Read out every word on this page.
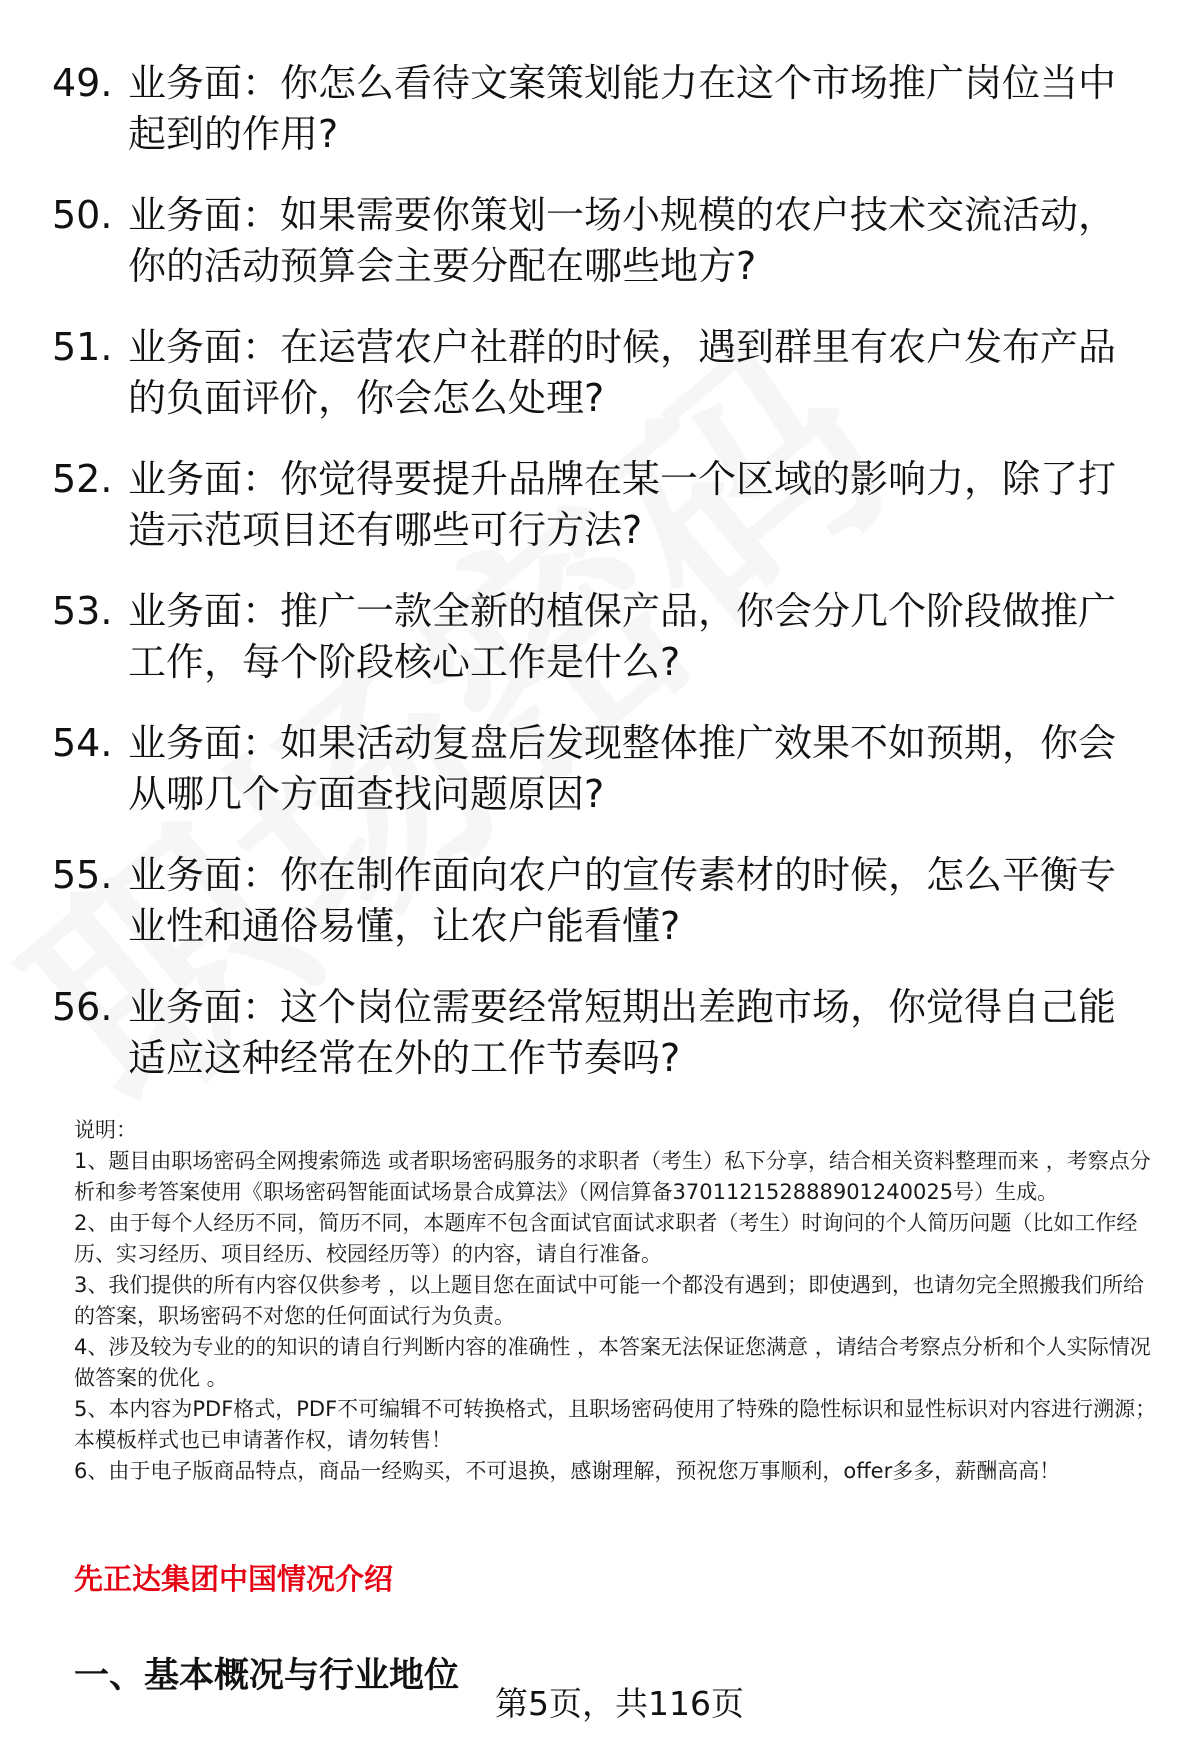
49. 业务面：你怎么看待文案策划能力在这个市场推广岗位当中起到的作用?
50. 业务面：如果需要你策划一场小规模的农户技术交流活动，你的活动预算会主要分配在哪些地方?
51. 业务面：在运营农户社群的时候，遇到群里有农户发布产品的负面评价，你会怎么处理?
52. 业务面：你觉得要提升品牌在某一个区域的影响力，除了打造示范项目还有哪些可行方法?
53. 业务面：推广一款全新的植保产品，你会分几个阶段做推广工作，每个阶段核心工作是什么?
54. 业务面：如果活动复盘后发现整体推广效果不如预期，你会从哪几个方面查找问题原因?
55. 业务面：你在制作面向农户的宣传素材的时候，怎么平衡专业性和通俗易懂，让农户能看懂?
56. 业务面：这个岗位需要经常短期出差跑市场，你觉得自己能适应这种经常在外的工作节奏吗?

说明：

1、题目由职场密码全网搜索筛选 或者职场密码服务的求职者（考生）私下分享，结合相关资料整理而来 ，考察点分析和参考答案使用《职场密码智能面试场景合成算法》（网信算备370112152888901240025号）生成。

2、由于每个人经历不同，简历不同，本题库不包含面试官面试求职者（考生）时询问的个人简历问题（比如工作经历、实习经历、项目经历、校园经历等）的内容，请自行准备。

3、我们提供的所有内容仅供参考 ，以上题目您在面试中可能一个都没有遇到；即使遇到，也请勿完全照搬我们所给的答案，职场密码不对您的任何面试行为负责。

4、涉及较为专业的的知识的请自行判断内容的准确性 ，本答案无法保证您满意 ，请结合考察点分析和个人实际情况做答案的优化 。

5、本内容为PDF格式，PDF不可编辑不可转换格式，且职场密码使用了特殊的隐性标识和显性标识对内容进行溯源；本模板样式也已申请著作权，请勿转售！

6、由于电子版商品特点，商品一经购买，不可退换，感谢理解，预祝您万事顺利，offer多多，薪酬高高！

先正达集团中国情况介绍
一、基本概况与行业地位
第5页，共116页
